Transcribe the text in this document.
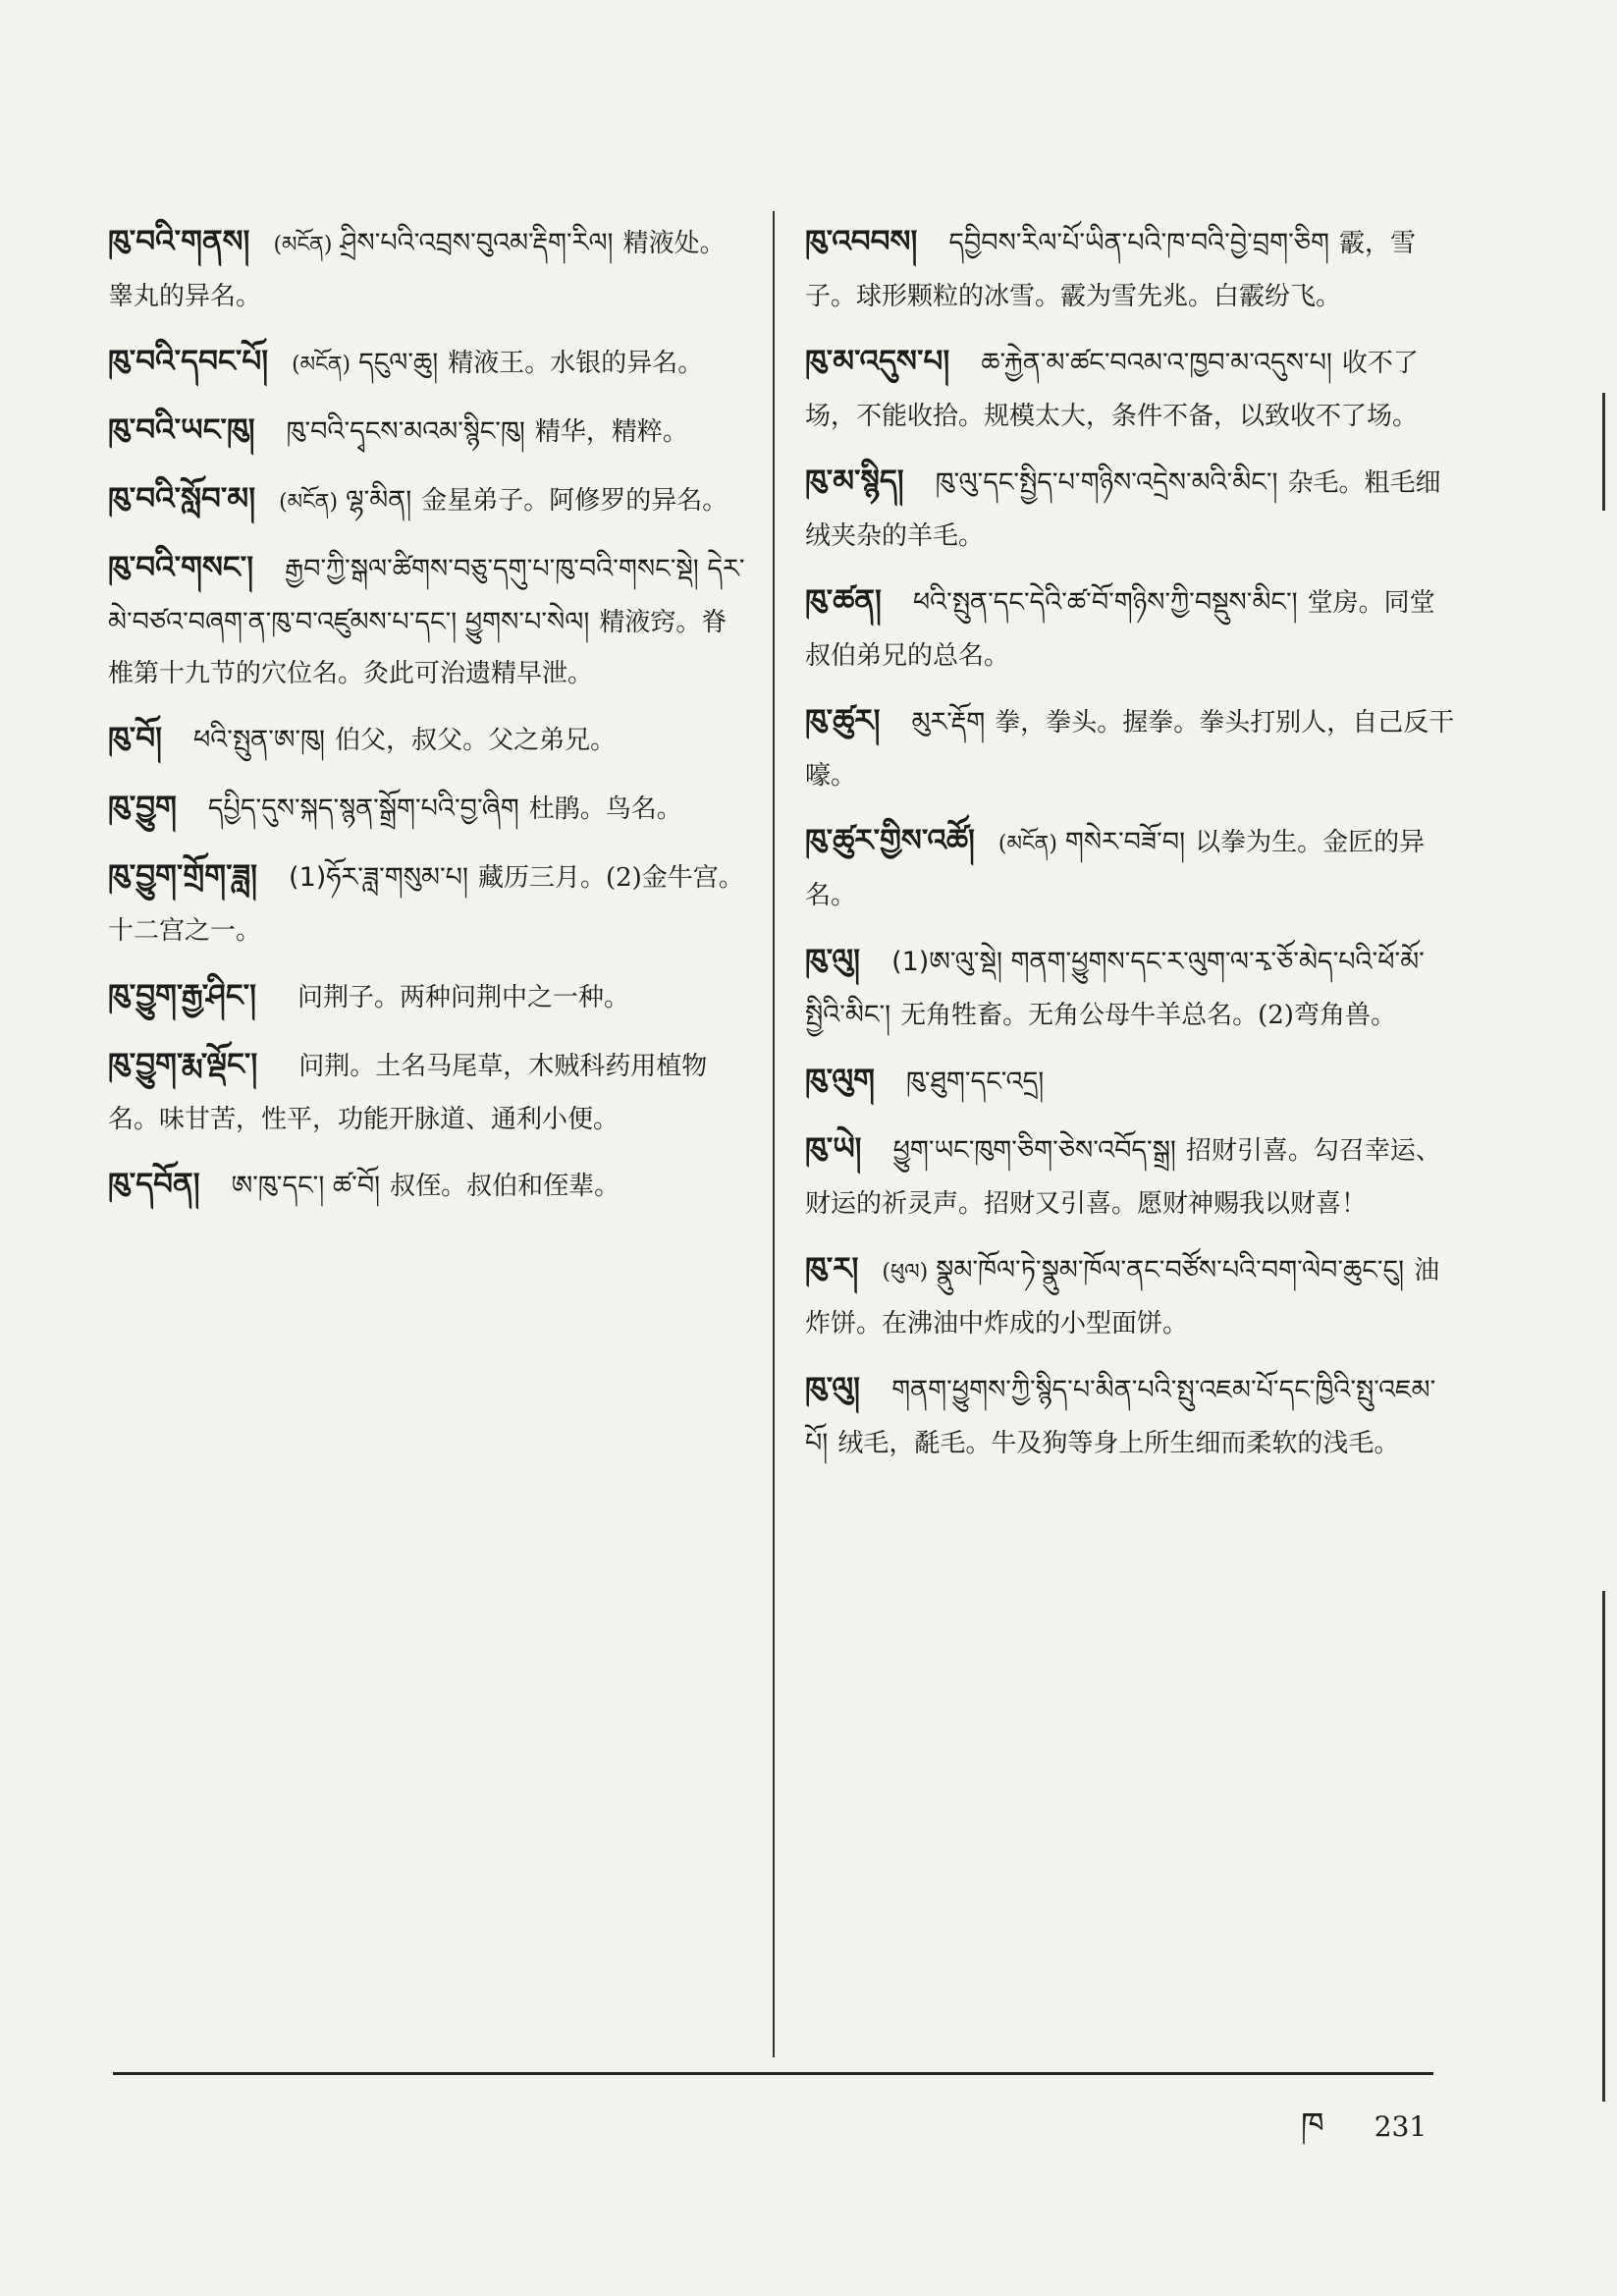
ཁུ་བའི་གནས། (མངོན) ཤྲིས་པའི་འབྲས་བུའམ་རྡིག་རིལ། 精液处。睾丸的异名。
ཁུ་བའི་དབང་པོ། (མངོན) དངུལ་ཆུ། 精液王。水银的异名。
ཁུ་བའི་ཡང་ཁུ། ཁུ་བའི་དྭངས་མའམ་སྙིང་ཁུ། 精华，精粹。
ཁུ་བའི་སློབ་མ། (མངོན) ལྷ་མིན། 金星弟子。阿修罗的异名。
ཁུ་བའི་གསང་། རྒྱབ་ཀྱི་སྒལ་ཚིགས་བཅུ་དགུ་པ་ཁུ་བའི་གསང་སྡེ། དེར་མེ་བཙའ་བཞག་ན་ཁུ་བ་འཛུམས་པ་དང་། ཕྱུགས་པ་སེལ། 精液窍。脊椎第十九节的穴位名。灸此可治遗精早泄。
ཁུ་བོ། ཕའི་སྤུན་ཨ་ཁུ། 伯父，叔父。父之弟兄。
ཁུ་བྱུག དཔྱིད་དུས་སྐད་སྙན་སྒྲོག་པའི་བྱ་ཞིག 杜鹃。鸟名。
ཁུ་བྱུག་གྲོག་ཟླ། (1)ཧོར་ཟླ་གསུམ་པ། 藏历三月。(2)金牛宫。十二宫之一。
ཁུ་བྱུག་རྒྱ་ཤིང་། 问荆子。两种问荆中之一种。
ཁུ་བྱུག་རྨ་ལྡོང་། 问荆。土名马尾草，木贼科药用植物名。味甘苦，性平，功能开脉道、通利小便。
ཁུ་དབོན། ཨ་ཁུ་དང་། ཚ་བོ། 叔侄。叔伯和侄辈。
ཁུ་འབབས། དབྱིབས་རིལ་པོ་ཡིན་པའི་ཁ་བའི་བྱེ་བྲག་ཅིག 霰，雪子。球形颗粒的冰雪。霰为雪先兆。白霰纷飞。
ཁུ་མ་འདུས་པ། ཆ་རྐྱེན་མ་ཚང་བའམ་འ་ཁྱབ་མ་འདུས་པ། 收不了场，不能收拾。规模太大，条件不备，以致收不了场。
ཁུ་མ་སྙིད། ཁུ་ལུ་དང་སྤྱིད་པ་གཉིས་འདྲེས་མའི་མིང་། 杂毛。粗毛细绒夹杂的羊毛。
ཁུ་ཚན། ཕའི་སྤུན་དང་དེའི་ཚ་བོ་གཉིས་ཀྱི་བསྡུས་མིང་། 堂房。同堂叔伯弟兄的总名。
ཁུ་ཚུར། མུར་རྡོག 拳，拳头。握拳。拳头打别人，自己反干嚎。
ཁུ་ཚུར་གྱིས་འཚོ། (མངོན) གསེར་བཟོ་བ། 以拳为生。金匠的异名。
ཁུ་ལུ། (1)ཨ་ལུ་སྡེ། གནག་ཕྱུགས་དང་ར་ལུག་ལ་རྭ་ཅོ་མེད་པའི་ཕོ་མོ་སྤྱིའི་མིང་། 无角牲畜。无角公母牛羊总名。(2)弯角兽。
ཁུ་ལུག ཁུ་ཐུག་དང་འདྲ།
ཁུ་ཡེ། ཕྱུག་ཡང་ཁུག་ཅིག་ཅེས་འབོད་སྒྲ། 招财引喜。勾召幸运、财运的祈灵声。招财又引喜。愿财神赐我以财喜！
ཁུ་ར། (ཕུལ) སྣུམ་ཁོལ་ཏེ་སྣུམ་ཁོལ་ནང་བཙོས་པའི་བག་ལེབ་ཆུང་ངུ། 油炸饼。在沸油中炸成的小型面饼。
ཁུ་ལུ། གནག་ཕྱུགས་ཀྱི་སྙིད་པ་མིན་པའི་སྤུ་འཇམ་པོ་དང་ཁྱིའི་སྤུ་འཇམ་པོ། 绒毛，氄毛。牛及狗等身上所生细而柔软的浅毛。
ཁ 231
